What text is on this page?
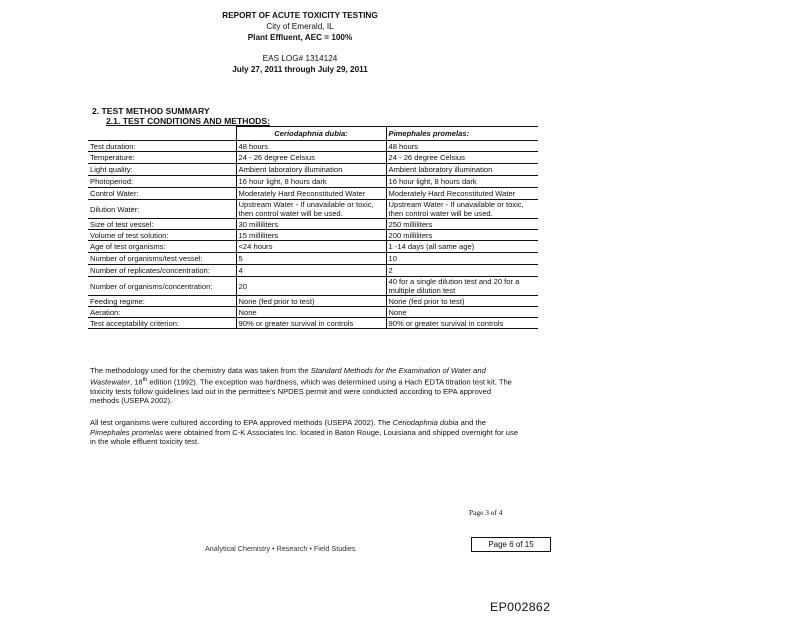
REPORT OF ACUTE TOXICITY TESTING
City of Emerald, IL
Plant Effluent, AEC = 100%
EAS LOG# 1314124
July 27, 2011 through July 29, 2011
2. TEST METHOD SUMMARY
2.1. TEST CONDITIONS AND METHODS:
	Ceriodaphnia dubia:	Pimephales promelas:
Test duration:	48 hours	48 hours
Temperature:	24 - 26 degree Celsius	24 - 26 degree Celsius
Light quality:	Ambient laboratory illumination	Ambient laboratory illumination
Photoperiod:	16 hour light, 8 hours dark	16 hour light, 8 hours dark
Control Water:	Moderately Hard Reconstituted Water	Moderately Hard Reconstituted Water
Dilution Water:	Upstream Water - If unavailable or toxic, then control water will be used.	Upstream Water - If unavailable or toxic, then control water will be used.
Size of test vessel:	30 milliliters	250 milliliters
Volume of test solution:	15 milliliters	200 milliliters
Age of test organisms:	<24 hours	1 -14 days (all same age)
Number of organisms/test vessel:	5	10
Number of replicates/concentration:	4	2
Number of organisms/concentration:	20	40 for a single dilution test and 20 for a multiple dilution test
Feeding regime:	None (fed prior to test)	None (fed prior to test)
Aeration:	None	None
Test acceptability criterion:	90% or greater survival in controls	90% or greater survival in controls
The methodology used for the chemistry data was taken from the Standard Methods for the Examination of Water and Wastewater, 18th edition (1992). The exception was hardness, which was determined using a Hach EDTA titration test kit. The toxicity tests follow guidelines laid out in the permittee's NPDES permit and were conducted according to EPA approved methods (USEPA 2002).
All test organisms were cultured according to EPA approved methods (USEPA 2002). The Ceriodaphnia dubia and the Pimephales promelas were obtained from C-K Associates Inc. located in Baton Rouge, Louisiana and shipped overnight for use in the whole effluent toxicity test.
Page 3 of 4
Analytical Chemistry • Research • Field Studies	Page 6 of 15
EP002862
